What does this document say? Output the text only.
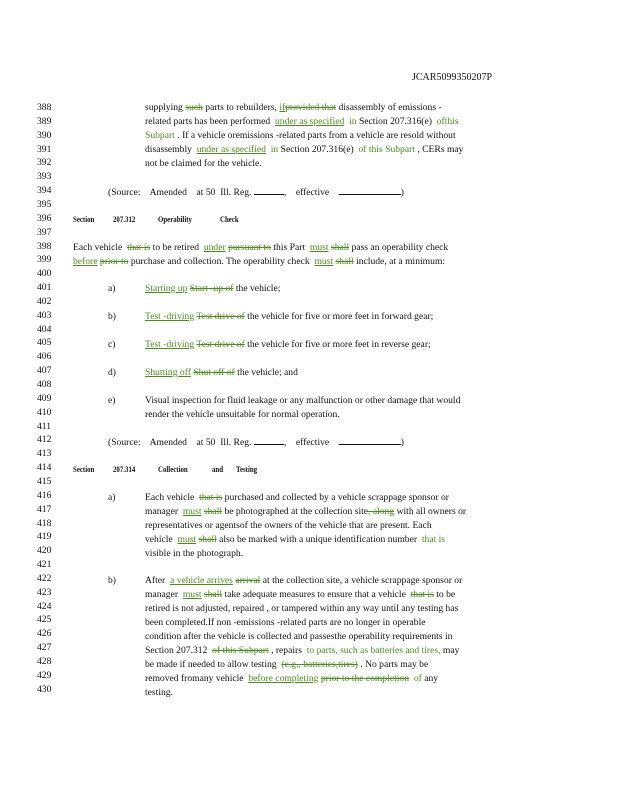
JCAR5099350207P
388
389
390
391
392
393
394
395
396
397
398
399
400
401
402
403
404
405
406
407
408
409
410
411
412
413
414
415
416
417
418
419
420
421
422
423
424
425
426
427
428
429
430
supplying such parts to rebuilders, ifprovided that disassembly of emissions -
related parts has been performed under as specified in Section 207.316(e) ofthis
Subpart . If a vehicle oremissions -related parts from a vehicle are resold without
disassembly under as specified in Section 207.316(e) of this Subpart , CERs may
not be claimed for the vehicle.
(Source: Amended at 50 Ill. Reg.	,    effective	)
Section 207.312	Operability	Check
Each vehicle that is to be retired under pursuant to this Part must shall pass an operability check
before prior to purchase and collection. The operability check must shall include, at a minimum:
a)	Starting up Start -up of the vehicle;
b)	Test -driving Test drive of the vehicle for five or more feet in forward gear;
c)	Test -driving Test drive of the vehicle for five or more feet in reverse gear;
d)	Shutting off Shut off of the vehicle; and
e)	Visual inspection for fluid leakage or any malfunction or other damage that would
render the vehicle unsuitable for normal operation.
(Source: Amended at 50 Ill. Reg.	,    effective	)
Section 207.314	Collection	and Testing
a)	Each vehicle that is purchased and collected by a vehicle scrappage sponsor or
manager must shall be photographed at the collection site, along with all owners or
representatives or agentsof the owners of the vehicle that are present. Each
vehicle must shall also be marked with a unique identification number that is
visible in the photograph.
b)	After a vehicle arrives arrival at the collection site, a vehicle scrappage sponsor or
manager must shall take adequate measures to ensure that a vehicle that is to be
retired is not adjusted, repaired , or tampered within any way until any testing has
been completed.If non -emissions -related parts are no longer in operable
condition after the vehicle is collected and passesthe operability requirements in
Section 207.312 of this Subpart , repairs to parts, such as batteries and tires, may
be made if needed to allow testing (e.g., batteries,tires) . No parts may be
removed fromany vehicle before completing prior to the completion of any
testing.
